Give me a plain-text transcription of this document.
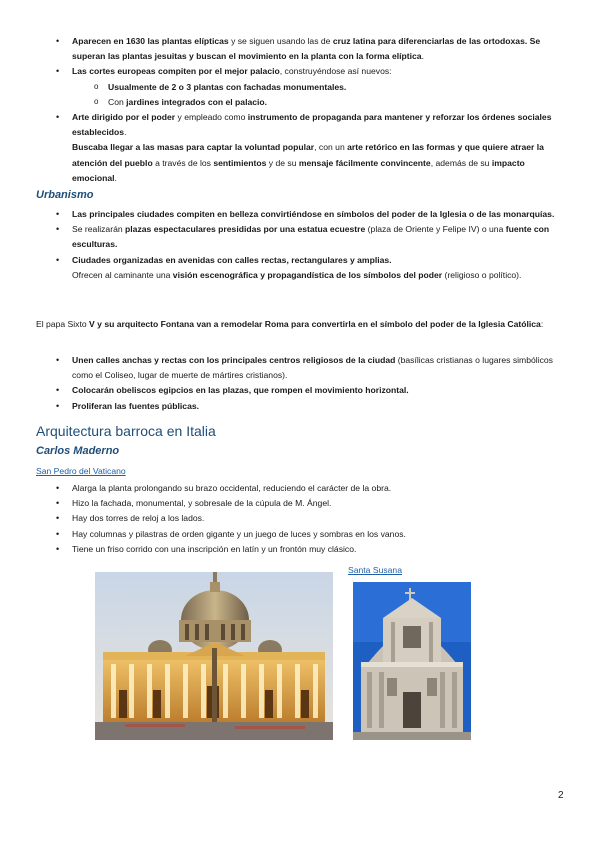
• Aparecen en 1630 las plantas elípticas y se siguen usando las de cruz latina para diferenciarlas de las ortodoxas. Se superan las plantas jesuitas y buscan el movimiento en la planta con la forma elíptica.
• Las cortes europeas compiten por el mejor palacio, construyéndose así nuevos:
o Usualmente de 2 o 3 plantas con fachadas monumentales.
o Con jardines integrados con el palacio.
• Arte dirigido por el poder y empleado como instrumento de propaganda para mantener y reforzar los órdenes sociales establecidos.
Buscaba llegar a las masas para captar la voluntad popular, con un arte retórico en las formas y que quiere atraer la atención del pueblo a través de los sentimientos y de su mensaje fácilmente convincente, además de su impacto emocional.
Urbanismo
• Las principales ciudades compiten en belleza convirtiéndose en símbolos del poder de la Iglesia o de las monarquías.
• Se realizarán plazas espectaculares presididas por una estatua ecuestre (plaza de Oriente y Felipe IV) o una fuente con esculturas.
• Ciudades organizadas en avenidas con calles rectas, rectangulares y amplias.
Ofrecen al caminante una visión escenográfica y propagandística de los símbolos del poder (religioso o político).
El papa Sixto V y su arquitecto Fontana van a remodelar Roma para convertirla en el símbolo del poder de la Iglesia Católica:
• Unen calles anchas y rectas con los principales centros religiosos de la ciudad (basílicas cristianas o lugares simbólicos como el Coliseo, lugar de muerte de mártires cristianos).
• Colocarán obeliscos egipcios en las plazas, que rompen el movimiento horizontal.
• Proliferan las fuentes públicas.
Arquitectura barroca en Italia
Carlos Maderno
San Pedro del Vaticano
• Alarga la planta prolongando su brazo occidental, reduciendo el carácter de la obra.
• Hizo la fachada, monumental, y sobresale de la cúpula de M. Ángel.
• Hay dos torres de reloj a los lados.
• Hay columnas y pilastras de orden gigante y un juego de luces y sombras en los vanos.
• Tiene un friso corrido con una inscripción en latín y un frontón muy clásico.
Santa Susana
2
